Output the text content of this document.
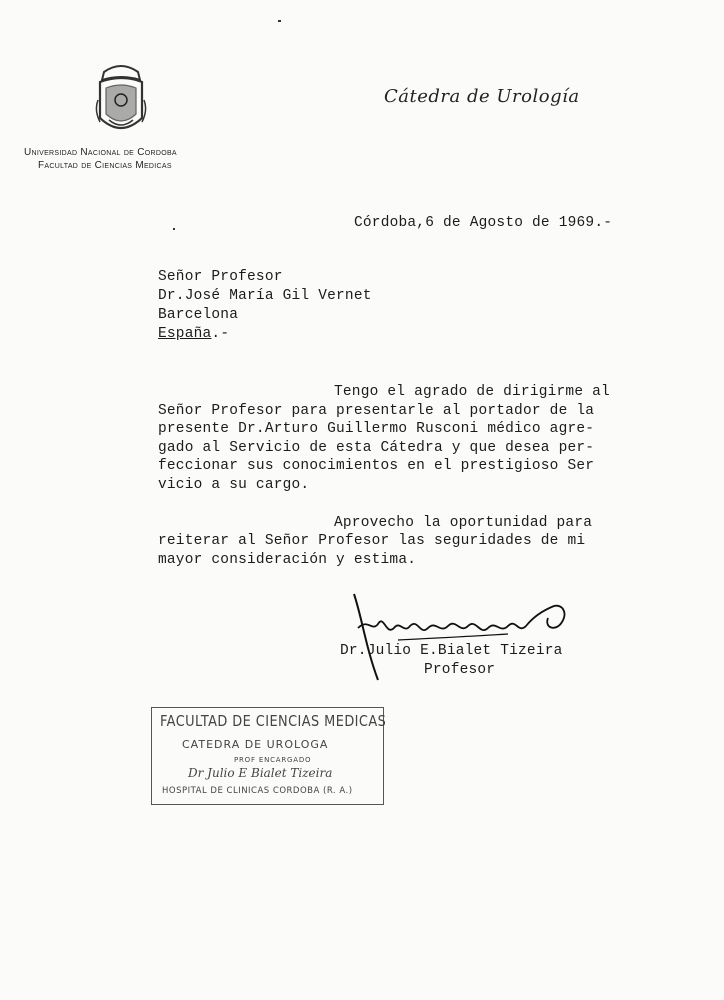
Universidad Nacional de Cordoba
Facultad de Ciencias Medicas
Cátedra de Urología
Córdoba,6 de Agosto de 1969.-
Señor Profesor
Dr.José María Gil Vernet
Barcelona
España.-
Tengo el agrado de dirigirme al
Señor Profesor para presentarle al portador de la
presente Dr.Arturo Guillermo Rusconi médico agre-
gado al Servicio de esta Cátedra y que desea per-
feccionar sus conocimientos en el prestigioso Ser
vicio a su cargo.
Aprovecho la oportunidad para
reiterar al Señor Profesor las seguridades de mi
mayor consideración y estima.
Dr.Julio E.Bialet Tizeira
Profesor
FACULTAD DE CIENCIAS MEDICAS
CATEDRA DE UROLOGA
PROF ENCARGADO
Dr Julio E Bialet Tizeira
HOSPITAL DE CLINICAS CORDOBA (R. A.)
